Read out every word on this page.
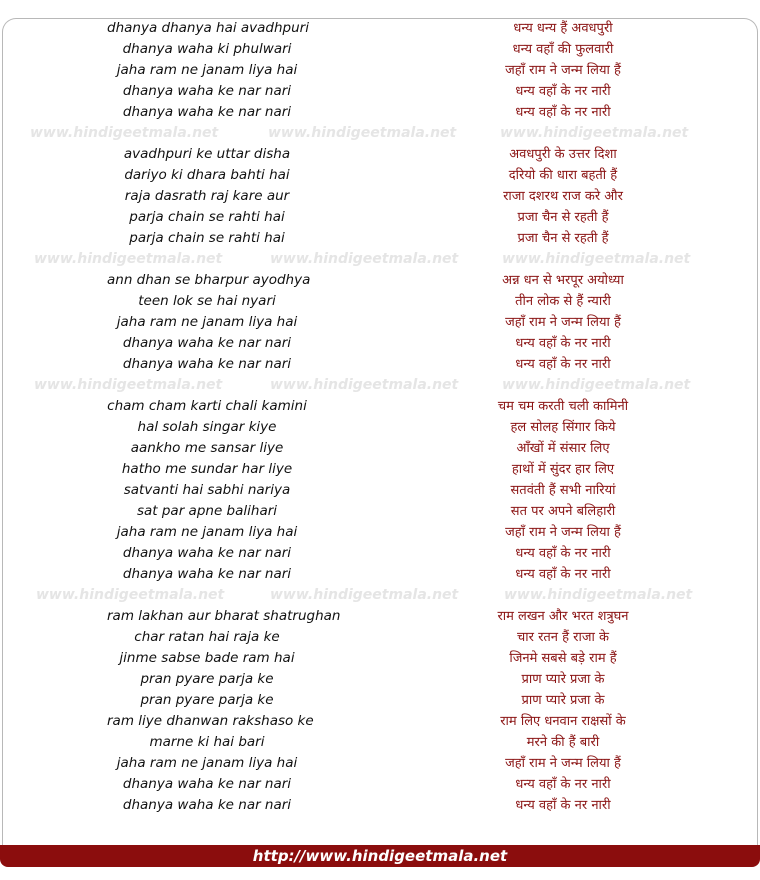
dhanya dhanya hai avadhpuri
dhanya waha ki phulwari
jaha ram ne janam liya hai
dhanya waha ke nar nari
dhanya waha ke nar nari
avadhpuri ke uttar disha
dariyo ki dhara bahti hai
raja dasrath raj kare aur
parja chain se rahti hai
parja chain se rahti hai
ann dhan se bharpur ayodhya
teen lok se hai nyari
jaha ram ne janam liya hai
dhanya waha ke nar nari
dhanya waha ke nar nari
cham cham karti chali kamini
hal solah singar kiye
aankho me sansar liye
hatho me sundar har liye
satvanti hai sabhi nariya
sat par apne balihari
jaha ram ne janam liya hai
dhanya waha ke nar nari
dhanya waha ke nar nari
ram lakhan aur bharat shatrughan
char ratan hai raja ke
jinme sabse bade ram hai
pran pyare parja ke
pran pyare parja ke
ram liye dhanwan rakshaso ke
marne ki hai bari
jaha ram ne janam liya hai
dhanya waha ke nar nari
dhanya waha ke nar nari
धन्य धन्य हैं अवधपुरी
धन्य वहाँ की फुलवारी
जहाँ राम ने जन्म लिया हैं
धन्य वहाँ के नर नारी
धन्य वहाँ के नर नारी
अवधपुरी के उत्तर दिशा
दरियो की धारा बहती हैं
राजा दशरथ राज करे और
प्रजा चैन से रहती हैं
प्रजा चैन से रहती हैं
अन्न धन से भरपूर अयोध्या
तीन लोक से हैं न्यारी
जहाँ राम ने जन्म लिया हैं
धन्य वहाँ के नर नारी
धन्य वहाँ के नर नारी
चम चम करती चली कामिनी
हल सोलह सिंगार किये
आँखों में संसार लिए
हाथों में सुंदर हार लिए
सतवंती हैं सभी नारियां
सत पर अपने बलिहारी
जहाँ राम ने जन्म लिया हैं
धन्य वहाँ के नर नारी
धन्य वहाँ के नर नारी
राम लखन और भरत शत्रुघन
चार रतन हैं राजा के
जिनमे सबसे बड़े राम हैं
प्राण प्यारे प्रजा के
प्राण प्यारे प्रजा के
राम लिए धनवान राक्षसों के
मरने की हैं बारी
जहाँ राम ने जन्म लिया हैं
धन्य वहाँ के नर नारी
धन्य वहाँ के नर नारी
www.hindigeetmala.net	www.hindigeetmala.net	www.hindigeetmala.net
www.hindigeetmala.net	www.hindigeetmala.net	www.hindigeetmala.net
www.hindigeetmala.net	www.hindigeetmala.net	www.hindigeetmala.net
www.hindigeetmala.net	www.hindigeetmala.net	www.hindigeetmala.net
http://www.hindigeetmala.net
